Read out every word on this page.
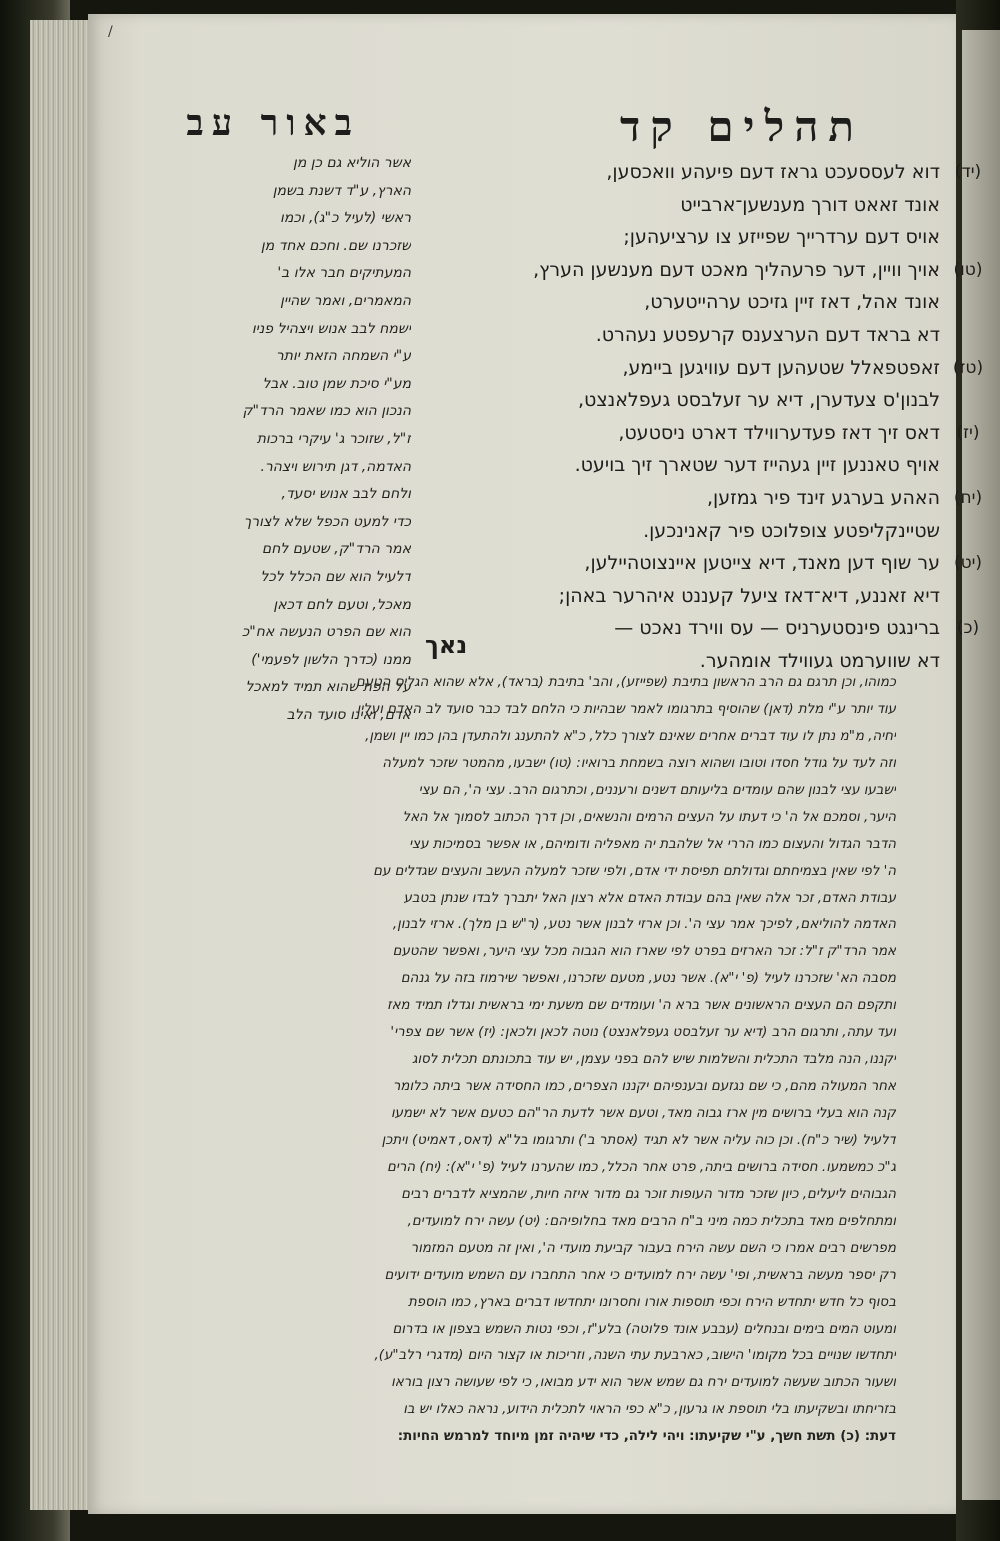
/
תהלים קד
באור עב
(יד)
דוא לעססעכט גראז דעם פיעהע וואכסען,
אונד זאאט דורך מענשען־ארבייט
אויס דעם ערדרייך שפייזע צו ערציעהען;
(טו)
אויך וויין, דער פרעהליך מאכט דעם מענשען הערץ,
אונד אהל, דאז זיין גזיכט ערהייטערט,
דא בראד דעם הערצענס קרעפטע נעהרט.
(טז)
זאפטפאלל שטעהען דעם עוויגען ביימע,
לבנון'ס צעדערן, דיא ער זעלבסט געפלאנצט,
(יז)
דאס זיך דאז פעדערווילד דארט ניסטעט,
אויף טאננען זיין געהייז דער שטארך זיך בויעט.
(יח)
האהע בערגע זינד פיר גמזען,
שטיינקליפטע צופלוכט פיר קאנינכען.
(יט)
ער שוף דען מאנד, דיא צייטען איינצוטהיילען,
דיא זאננע, דיא־דאז ציעל קעננט איהרער באהן;
(כ)
ברינגט פינסטערניס — עס ווירד נאכט —
דא שווערמט געווילד אומהער.
אשר הוליא גם כן מן
הארץ, ע"ד דשנת בשמן
ראשי (לעיל כ"ג), וכמו
שזכרנו שם. וחכם אחד מן
המעתיקים חבר אלו ב'
המאמרים, ואמר שהיין
ישמח לבב אנוש ויצהיל פניו
ע"י השמחה הזאת יותר
מע"י סיכת שמן טוב. אבל
הנכון הוא כמו שאמר הרד"ק
ז"ל, שזוכר ג' עיקרי ברכות
האדמה, דגן תירוש ויצהר.
ולחם לבב אנוש יסעד,
כדי למעט הכפל שלא לצורך
אמר הרד"ק, שטעם לחם
דלעיל הוא שם הכלל לכל
מאכל, וטעם לחם דכאן
הוא שם הפרט הנעשה אח"כ
ממנו (כדרך הלשון לפעמי')
על הפת שהוא תמיד למאכל
אדם, ואינו סועד הלב
נאך
כמוהו, וכן תרגם גם הרב הראשון בתיבת (שפייזע), והב' בתיבת (בראד), אלא שהוא הגליס הטעם
עוד יותר ע"י מלת (דאן) שהוסיף בתרגומו לאמר שבהיות כי הלחם לבד כבר סועד לב האדם ועליו
יחיה, מ"מ נתן לו עוד דברים אחרים שאינם לצורך כלל, כ"א להתענג ולהתעדן בהן כמו יין ושמן,
וזה לעד על גודל חסדו וטובו ושהוא רוצה בשמחת ברואיו: (טו) ישבעו, מהמטר שזכר למעלה
ישבעו עצי לבנון שהם עומדים בליעותם דשנים ורעננים, וכתרגום הרב. עצי ה', הם עצי
היער, וסמכם אל ה' כי דעתו על העצים הרמים והנשאים, וכן דרך הכתוב לסמוך אל האל
הדבר הגדול והעצום כמו הררי אל שלהבת יה מאפליה ודומיהם, או אפשר בסמיכות עצי
ה' לפי שאין בצמיחתם וגדולתם תפיסת ידי אדם, ולפי שזכר למעלה העשב והעצים שגדלים עם
עבודת האדם, זכר אלה שאין בהם עבודת האדם אלא רצון האל יתברך לבדו שנתן בטבע
האדמה להוליאם, לפיכך אמר עצי ה'. וכן ארזי לבנון אשר נטע, (ר"ש בן מלך). ארזי לבנון,
אמר הרד"ק ז"ל: זכר הארזים בפרט לפי שארז הוא הגבוה מכל עצי היער, ואפשר שהטעם
מסבה הא' שזכרנו לעיל (פ' י"א). אשר נטע, מטעם שזכרנו, ואפשר שירמוז בזה על גנהם
ותקפם הם העצים הראשונים אשר ברא ה' ועומדים שם משעת ימי בראשית וגדלו תמיד מאז
ועד עתה, ותרגום הרב (דיא ער זעלבסט געפלאנצט) נוטה לכאן ולכאן: (יז) אשר שם צפרי'
יקננו, הנה מלבד התכלית והשלמות שיש להם בפני עצמן, יש עוד בתכונתם תכלית לסוג
אחר המעולה מהם, כי שם נגזעם ובענפיהם יקננו הצפרים, כמו החסידה אשר ביתה כלומר
קנה הוא בעלי ברושים מין ארז גבוה מאד, וטעם אשר לדעת הר"הם כטעם אשר לא ישמעו
דלעיל (שיר כ"ח). וכן כוה עליה אשר לא תגיד (אסתר ב') ותרגומו בל"א (דאס, דאמיט) ויתכן
ג"כ כמשמעו. חסידה ברושים ביתה, פרט אחר הכלל, כמו שהערנו לעיל (פ' י"א): (יח) הרים
הגבוהים ליעלים, כיון שזכר מדור העופות זוכר גם מדור איזה חיות, שהמציא לדברים רבים
ומתחלפים מאד בתכלית כמה מיני ב"ח הרבים מאד בחלופיהם: (יט) עשה ירח למועדים,
מפרשים רבים אמרו כי השם עשה הירח בעבור קביעת מועדי ה', ואין זה מטעם המזמור
רק יספר מעשה בראשית, ופי' עשה ירח למועדים כי אחר התחברו עם השמש מועדים ידועים
בסוף כל חדש יתחדש הירח וכפי תוספות אורו וחסרונו יתחדשו דברים בארץ, כמו הוספת
ומעוט המים בימים ובנחלים (עבבע אונד פלוטה) בלע"ז, וכפי נטות השמש בצפון או בדרום
יתחדשו שנויים בכל מקומו' הישוב, כארבעת עתי השנה, וזריכות או קצור היום (מדגרי רלב"ע),
ושעור הכתוב שעשה למועדים ירח גם שמש אשר הוא ידע מבואו, כי לפי שעושה רצון בוראו
בזריחתו ובשקיעתו בלי תוספת או גרעון, כ"א כפי הראוי לתכלית הידוע, נראה כאלו יש בו
דעת: (כ) תשת חשך, ע"י שקיעתו: ויהי לילה, כדי שיהיה זמן מיוחד למרמש החיות:
